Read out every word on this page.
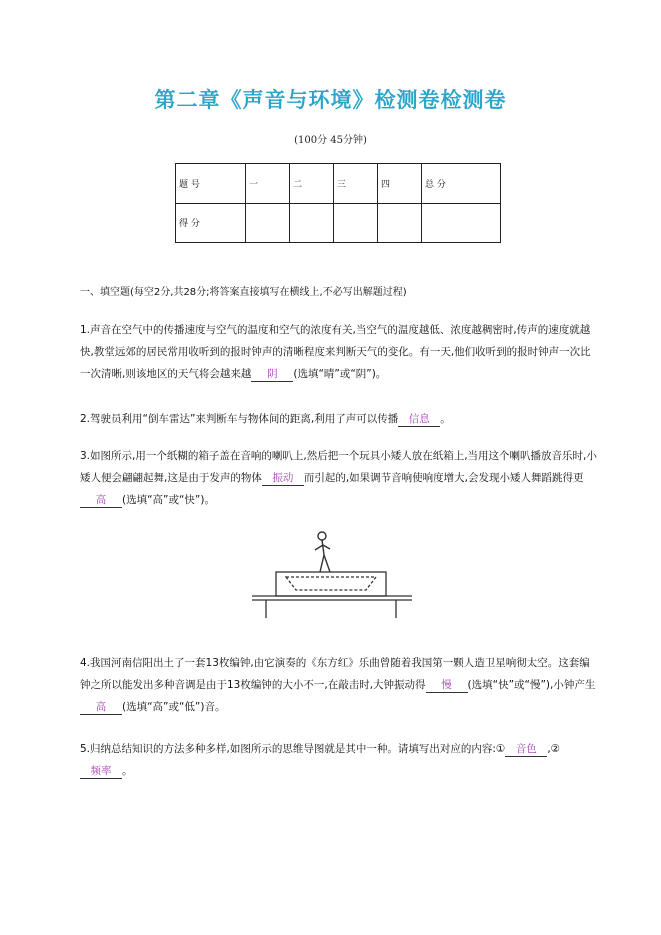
第二章《声音与环境》检测卷检测卷
(100分 45分钟)
题 号	一	二	三	四	总 分
得 分					
一、填空题(每空2分,共28分;将答案直接填写在横线上,不必写出解题过程)
1.声音在空气中的传播速度与空气的温度和空气的浓度有关,当空气的温度越低、浓度越稠密时,传声的速度就越快,教堂远郊的居民常用收听到的报时钟声的清晰程度来判断天气的变化。有一天,他们收听到的报时钟声一次比一次清晰,则该地区的天气将会越来越 阴 (选填“晴”或“阴”)。
2.驾驶员利用“倒车雷达”来判断车与物体间的距离,利用了声可以传播 信息 。
3.如图所示,用一个纸糊的箱子盖在音响的喇叭上,然后把一个玩具小矮人放在纸箱上,当用这个喇叭播放音乐时,小矮人便会翩翩起舞,这是由于发声的物体 振动 而引起的,如果调节音响使响度增大,会发现小矮人舞蹈跳得更高 (选填“高”或“快”)。
4.我国河南信阳出土了一套13枚编钟,由它演奏的《东方红》乐曲曾随着我国第一颗人造卫星响彻太空。这套编钟之所以能发出多种音调是由于13枚编钟的大小不一,在敲击时,大钟振动得 慢 (选填“快”或“慢”),小钟产生高 (选填“高”或“低”)音。
5.归纳总结知识的方法多种多样,如图所示的思维导图就是其中一种。请填写出对应的内容:① 音色 ,②频率 。
